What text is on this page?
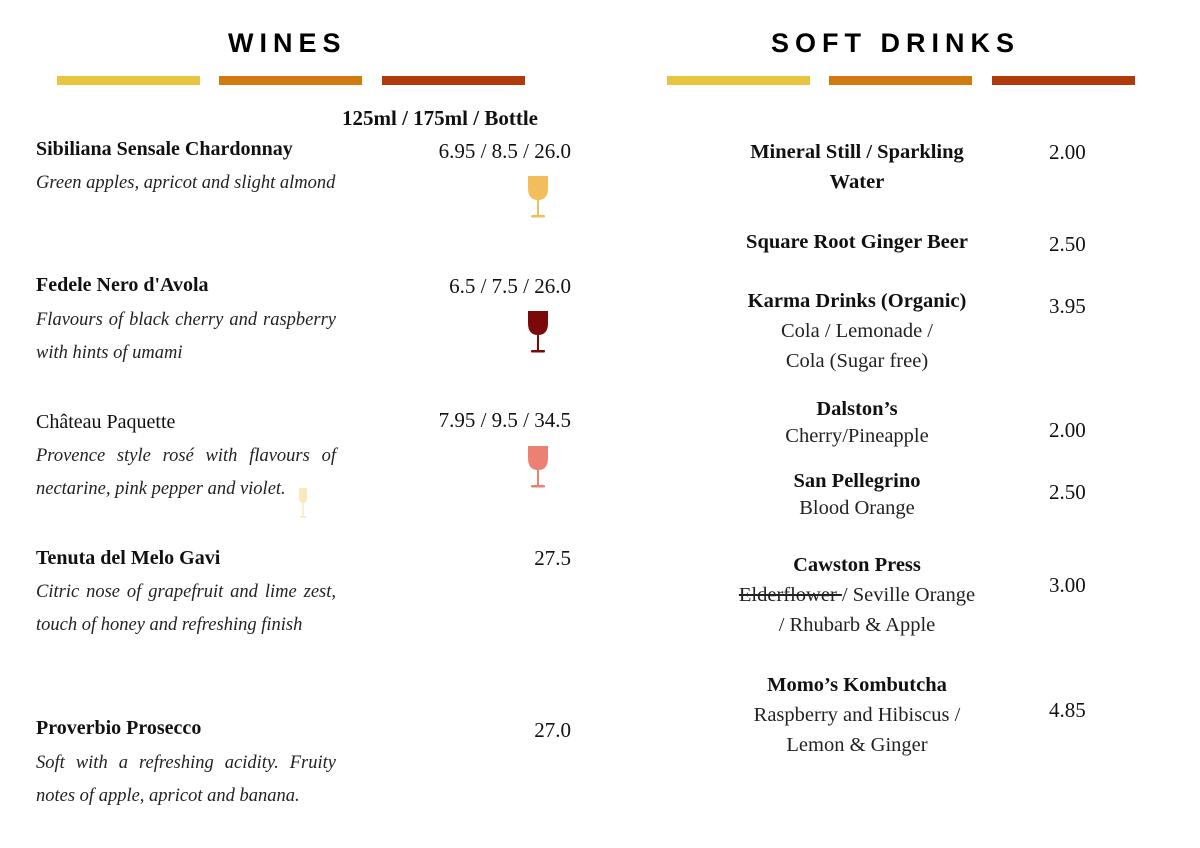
WINES
125ml / 175ml / Bottle
Sibiliana Sensale Chardonnay	6.95 / 8.5 / 26.0
Green apples, apricot and slight almond
Fedele Nero d'Avola	6.5 / 7.5 / 26.0
Flavours of black cherry and raspberry with hints of umami
Château Paquette	7.95 / 9.5 / 34.5
Provence style rosé with flavours of nectarine, pink pepper and violet.
Tenuta del Melo Gavi	27.5
Citric nose of grapefruit and lime zest, touch of honey and refreshing finish
Proverbio Prosecco	27.0
Soft with a refreshing acidity. Fruity notes of apple, apricot and banana.
SOFT DRINKS
Mineral Still / Sparkling
Water
2.00
Square Root Ginger Beer	2.50
Karma Drinks (Organic)
Cola / Lemonade /
Cola (Sugar free)
3.95
Dalston’s
Cherry/Pineapple	2.00
San Pellegrino
Blood Orange
2.50
Cawston Press
Elderflower / Seville Orange
/ Rhubarb & Apple
3.00
Momo’s Kombutcha
Raspberry and Hibiscus /
Lemon & Ginger
4.85
